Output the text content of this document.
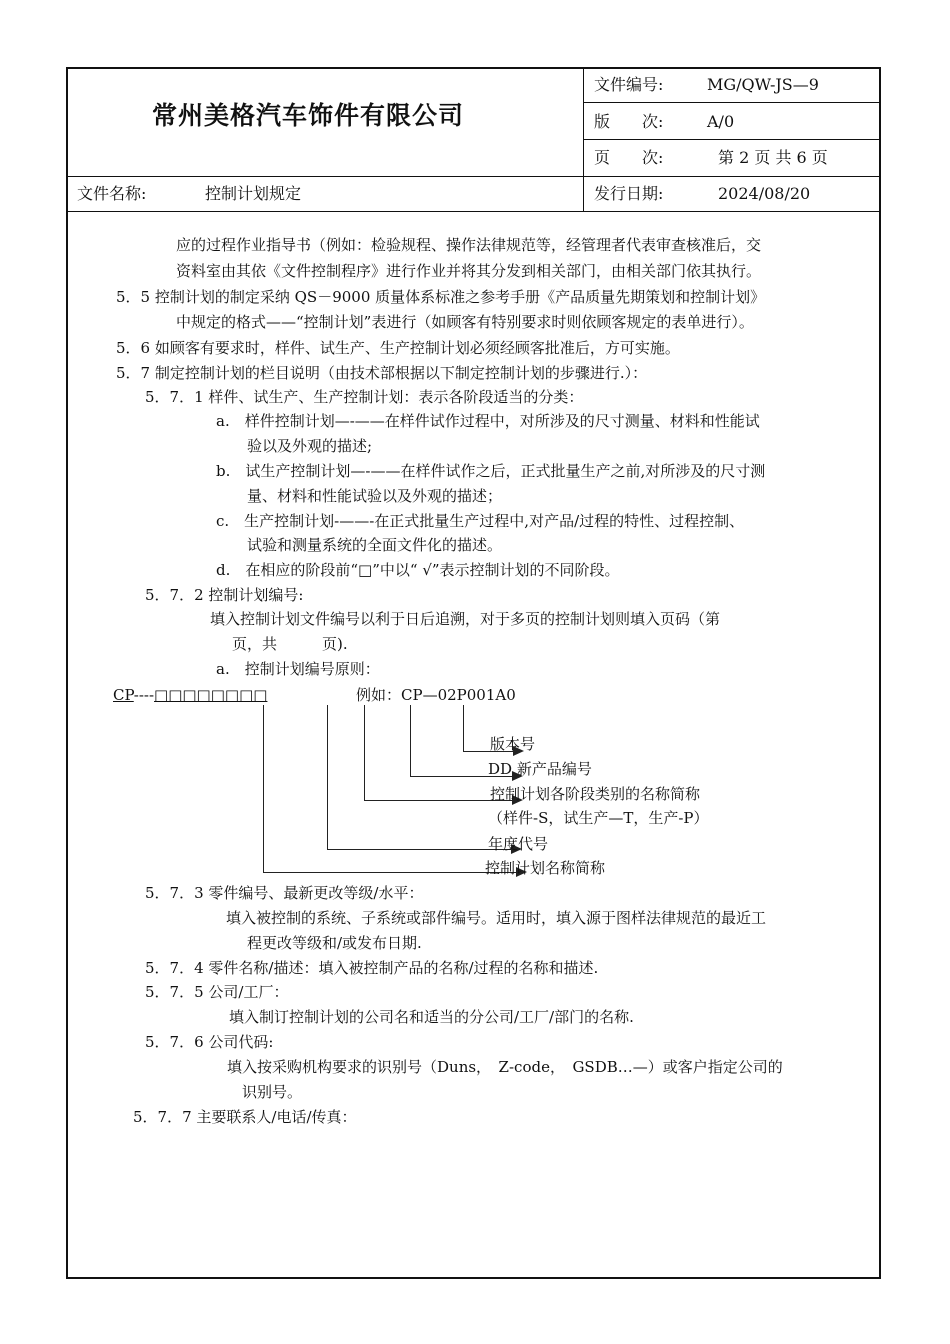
常州美格汽车饰件有限公司
文件编号:	MG/QW-JS—9
版　　次:	A/0
页　　次:	第 2 页 共 6 页
文件名称:	控制计划规定	发行日期:	2024/08/20
应的过程作业指导书（例如：检验规程、操作法律规范等，经管理者代表审查核准后，交
资料室由其依《文件控制程序》进行作业并将其分发到相关部门，由相关部门依其执行。
5．5 控制计划的制定采纳 QS－9000 质量体系标准之参考手册《产品质量先期策划和控制计划》
中规定的格式——“控制计划”表进行（如顾客有特别要求时则依顾客规定的表单进行）。
5．6 如顾客有要求时，样件、试生产、生产控制计划必须经顾客批准后，方可实施。
5．7 制定控制计划的栏目说明（由技术部根据以下制定控制计划的步骤进行.）：
5．7．1 样件、试生产、生产控制计划：表示各阶段适当的分类：
a.　样件控制计划—-——在样件试作过程中，对所涉及的尺寸测量、材料和性能试
验以及外观的描述;
b.　试生产控制计划—-——在样件试作之后，正式批量生产之前,对所涉及的尺寸测
量、材料和性能试验以及外观的描述；
c.　生产控制计划-——-在正式批量生产过程中,对产品/过程的特性、过程控制、
试验和测量系统的全面文件化的描述。
d.　在相应的阶段前“□”中以“ √”表示控制计划的不同阶段。
5．7．2 控制计划编号:
填入控制计划文件编号以利于日后追溯，对于多页的控制计划则填入页码（第
页，共　　　页).
a.　控制计划编号原则：
CP----□□□□□□□□	例如：CP—02P001A0
版本号
DD 新产品编号
控制计划各阶段类别的名称简称
（样件-S，试生产—T，生产-P）
年度代号
控制计划名称简称
5．7．3 零件编号、最新更改等级/水平：
填入被控制的系统、子系统或部件编号。适用时，填入源于图样法律规范的最近工
程更改等级和/或发布日期.
5．7．4 零件名称/描述：填入被控制产品的名称/过程的名称和描述.
5．7．5 公司/工厂：
填入制订控制计划的公司名和适当的分公司/工厂/部门的名称.
5．7．6 公司代码:
填入按采购机构要求的识别号（Duns，　Z-code，　GSDB…—）或客户指定公司的
识别号。
5．7．7 主要联系人/电话/传真：
